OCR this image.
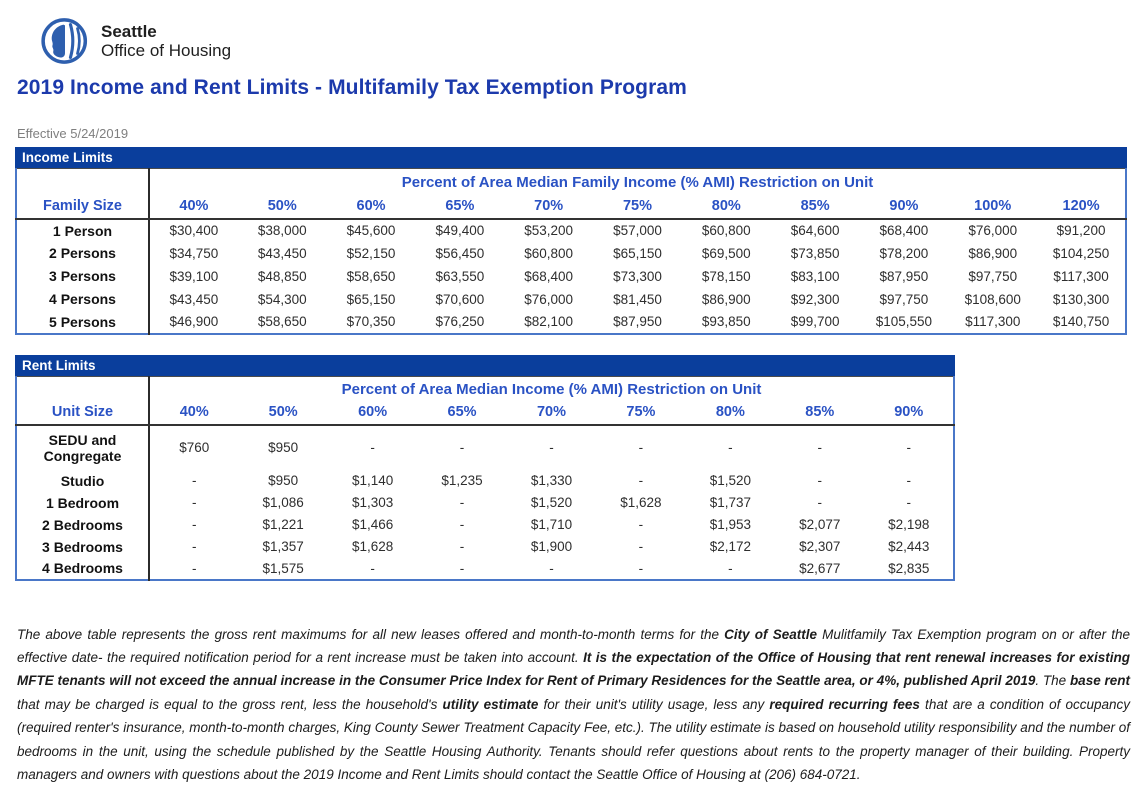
Seattle
Office of Housing
2019 Income and Rent Limits - Multifamily Tax Exemption Program
Effective 5/24/2019
Income Limits
	Percent of Area Median Family Income (% AMI) Restriction on Unit										
Family Size	40%	50%	60%	65%	70%	75%	80%	85%	90%	100%	120%
1 Person	$30,400	$38,000	$45,600	$49,400	$53,200	$57,000	$60,800	$64,600	$68,400	$76,000	$91,200
2 Persons	$34,750	$43,450	$52,150	$56,450	$60,800	$65,150	$69,500	$73,850	$78,200	$86,900	$104,250
3 Persons	$39,100	$48,850	$58,650	$63,550	$68,400	$73,300	$78,150	$83,100	$87,950	$97,750	$117,300
4 Persons	$43,450	$54,300	$65,150	$70,600	$76,000	$81,450	$86,900	$92,300	$97,750	$108,600	$130,300
5 Persons	$46,900	$58,650	$70,350	$76,250	$82,100	$87,950	$93,850	$99,700	$105,550	$117,300	$140,750
Rent Limits
	Percent of Area Median Income (% AMI) Restriction on Unit								
Unit Size	40%	50%	60%	65%	70%	75%	80%	85%	90%
SEDU and Congregate	$760	$950	-	-	-	-	-	-	-
Studio	-	$950	$1,140	$1,235	$1,330	-	$1,520	-	-
1 Bedroom	-	$1,086	$1,303	-	$1,520	$1,628	$1,737	-	-
2 Bedrooms	-	$1,221	$1,466	-	$1,710	-	$1,953	$2,077	$2,198
3 Bedrooms	-	$1,357	$1,628	-	$1,900	-	$2,172	$2,307	$2,443
4 Bedrooms	-	$1,575	-	-	-	-	-	$2,677	$2,835

The above table represents the gross rent maximums for all new leases offered and month-to-month terms for the City of Seattle Mulitfamily Tax Exemption program on or after the effective date- the required notification period for a rent increase must be taken into account. It is the expectation of the Office of Housing that rent renewal increases for existing MFTE tenants will not exceed the annual increase in the Consumer Price Index for Rent of Primary Residences for the Seattle area, or 4%, published April 2019. The base rent that may be charged is equal to the gross rent, less the household's utility estimate for their unit's utility usage, less any required recurring fees that are a condition of occupancy (required renter's insurance, month-to-month charges, King County Sewer Treatment Capacity Fee, etc.). The utility estimate is based on household utility responsibility and the number of bedrooms in the unit, using the schedule published by the Seattle Housing Authority. Tenants should refer questions about rents to the property manager of their building. Property managers and owners with questions about the 2019 Income and Rent Limits should contact the Seattle Office of Housing at (206) 684-0721.
